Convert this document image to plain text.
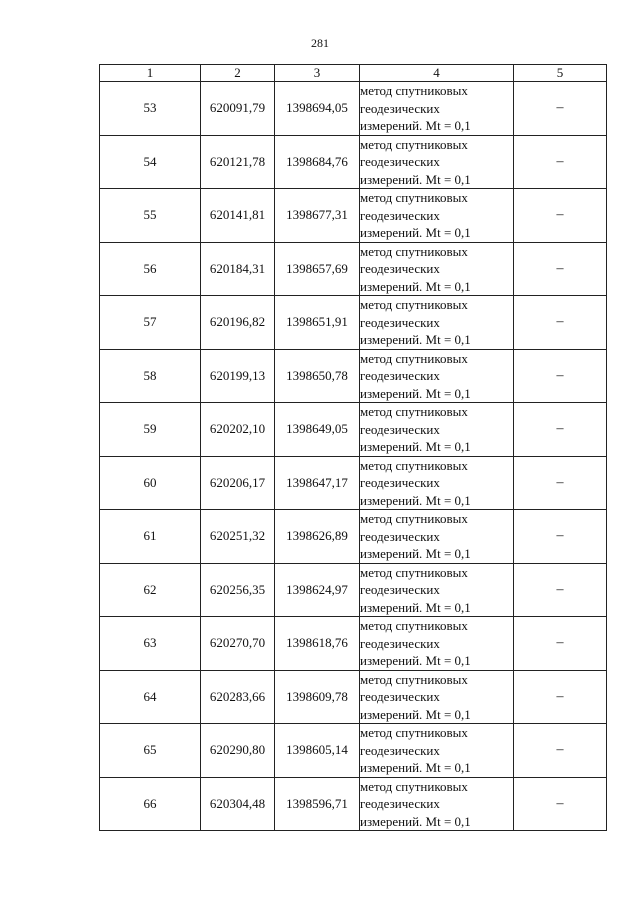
281
1	2	3	4	5
53	620091,79	1398694,05	метод спутниковых
геодезических
измерений. Mt = 0,1	–
54	620121,78	1398684,76	метод спутниковых
геодезических
измерений. Mt = 0,1	–
55	620141,81	1398677,31	метод спутниковых
геодезических
измерений. Mt = 0,1	–
56	620184,31	1398657,69	метод спутниковых
геодезических
измерений. Mt = 0,1	–
57	620196,82	1398651,91	метод спутниковых
геодезических
измерений. Mt = 0,1	–
58	620199,13	1398650,78	метод спутниковых
геодезических
измерений. Mt = 0,1	–
59	620202,10	1398649,05	метод спутниковых
геодезических
измерений. Mt = 0,1	–
60	620206,17	1398647,17	метод спутниковых
геодезических
измерений. Mt = 0,1	–
61	620251,32	1398626,89	метод спутниковых
геодезических
измерений. Mt = 0,1	–
62	620256,35	1398624,97	метод спутниковых
геодезических
измерений. Mt = 0,1	–
63	620270,70	1398618,76	метод спутниковых
геодезических
измерений. Mt = 0,1	–
64	620283,66	1398609,78	метод спутниковых
геодезических
измерений. Mt = 0,1	–
65	620290,80	1398605,14	метод спутниковых
геодезических
измерений. Mt = 0,1	–
66	620304,48	1398596,71	метод спутниковых
геодезических
измерений. Mt = 0,1	–
